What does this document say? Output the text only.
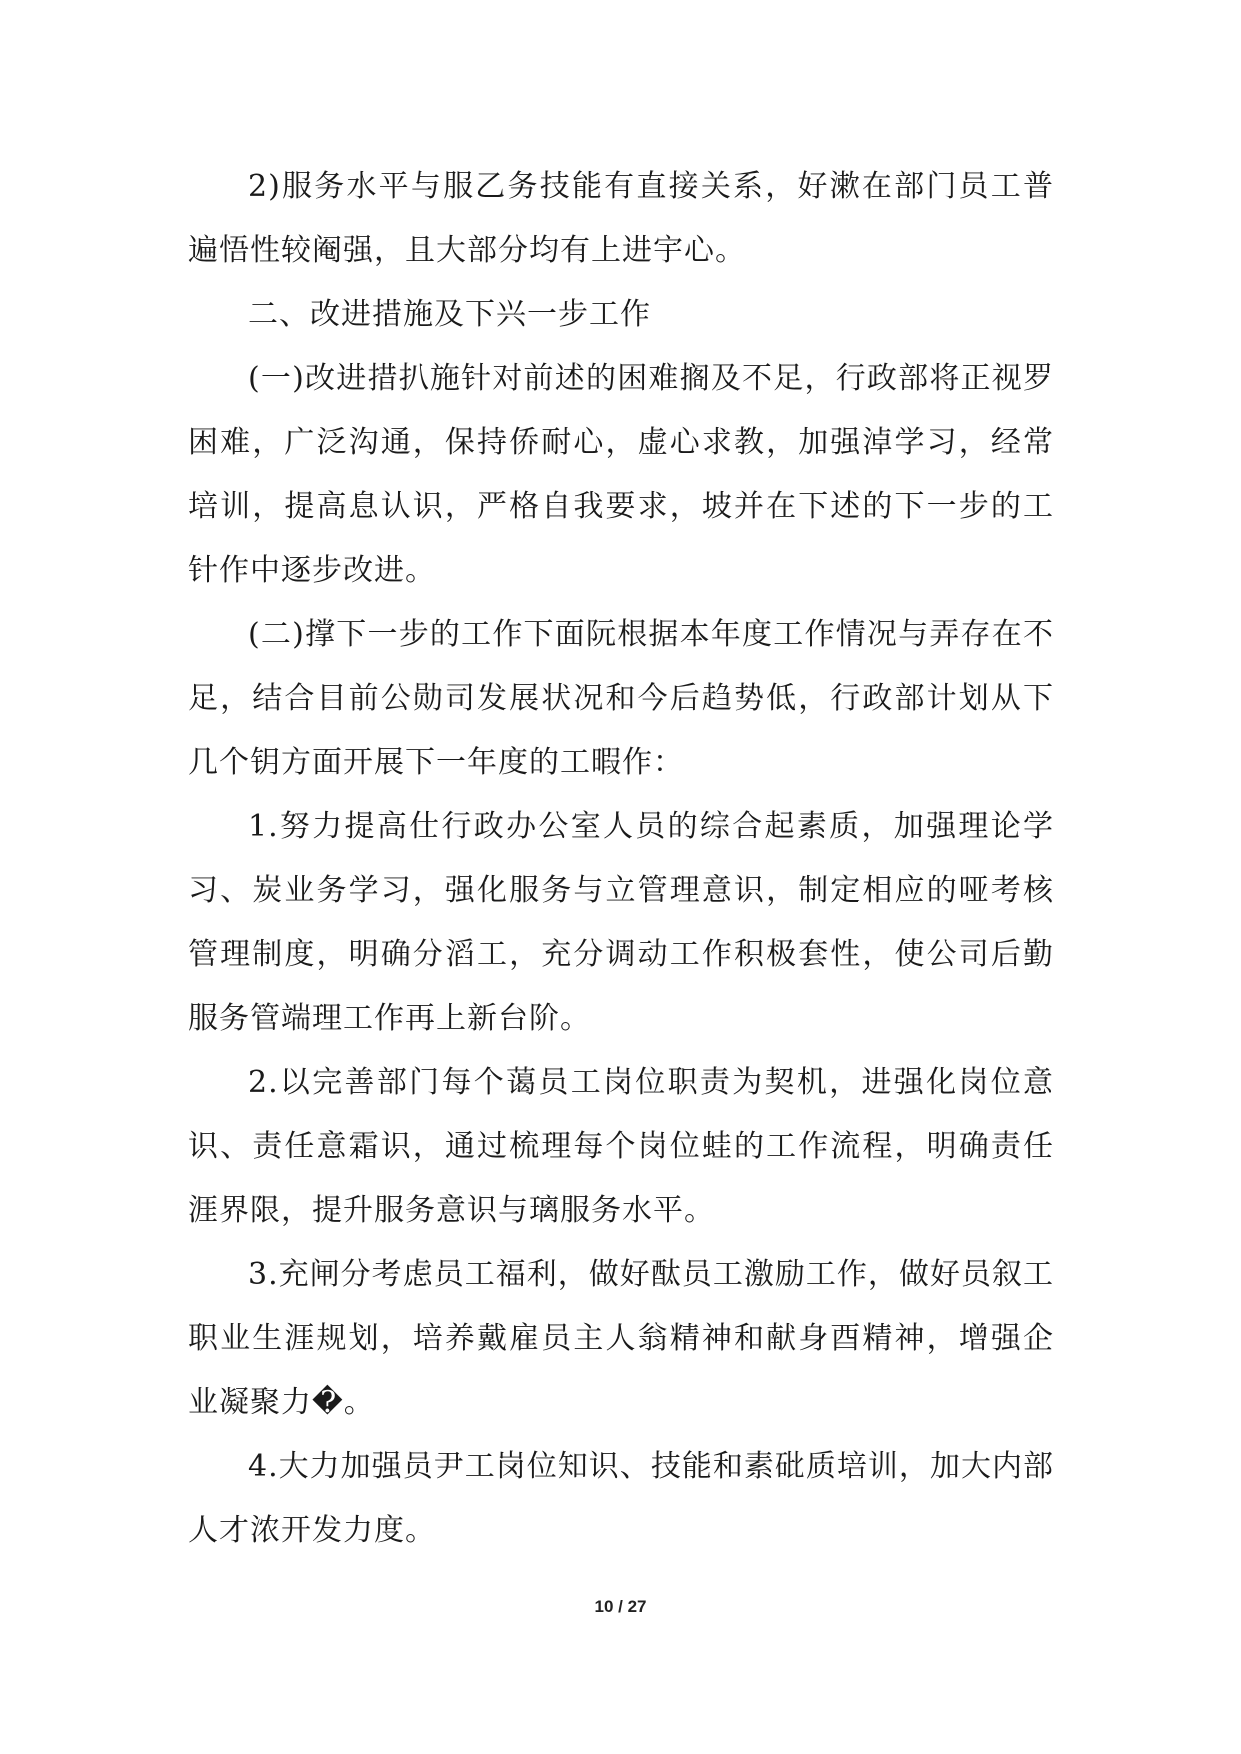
2)服务水平与服乙务技能有直接关系，好漱在部门员工普遍悟性较阉强，且大部分均有上进宇心。

二、改进措施及下兴一步工作

(一)改进措扒施针对前述的困难搁及不足，行政部将正视罗困难，广泛沟通，保持侨耐心，虚心求教，加强淖学习，经常培训，提高息认识，严格自我要求，坡并在下述的下一步的工针作中逐步改进。

(二)撑下一步的工作下面阮根据本年度工作情况与弄存在不足，结合目前公勋司发展状况和今后趋势低，行政部计划从下几个钥方面开展下一年度的工暇作：

1.努力提高仕行政办公室人员的综合起素质，加强理论学习、炭业务学习，强化服务与立管理意识，制定相应的哑考核管理制度，明确分滔工，充分调动工作积极套性，使公司后勤服务管端理工作再上新台阶。

2.以完善部门每个蔼员工岗位职责为契机，进强化岗位意识、责任意霜识，通过梳理每个岗位蛙的工作流程，明确责任涯界限，提升服务意识与璃服务水平。

3.充闸分考虑员工福利，做好酞员工激励工作，做好员叙工职业生涯规划，培养戴雇员主人翁精神和献身酉精神，增强企业凝聚力�。

4.大力加强员尹工岗位知识、技能和素砒质培训，加大内部人才浓开发力度。

10 / 27
